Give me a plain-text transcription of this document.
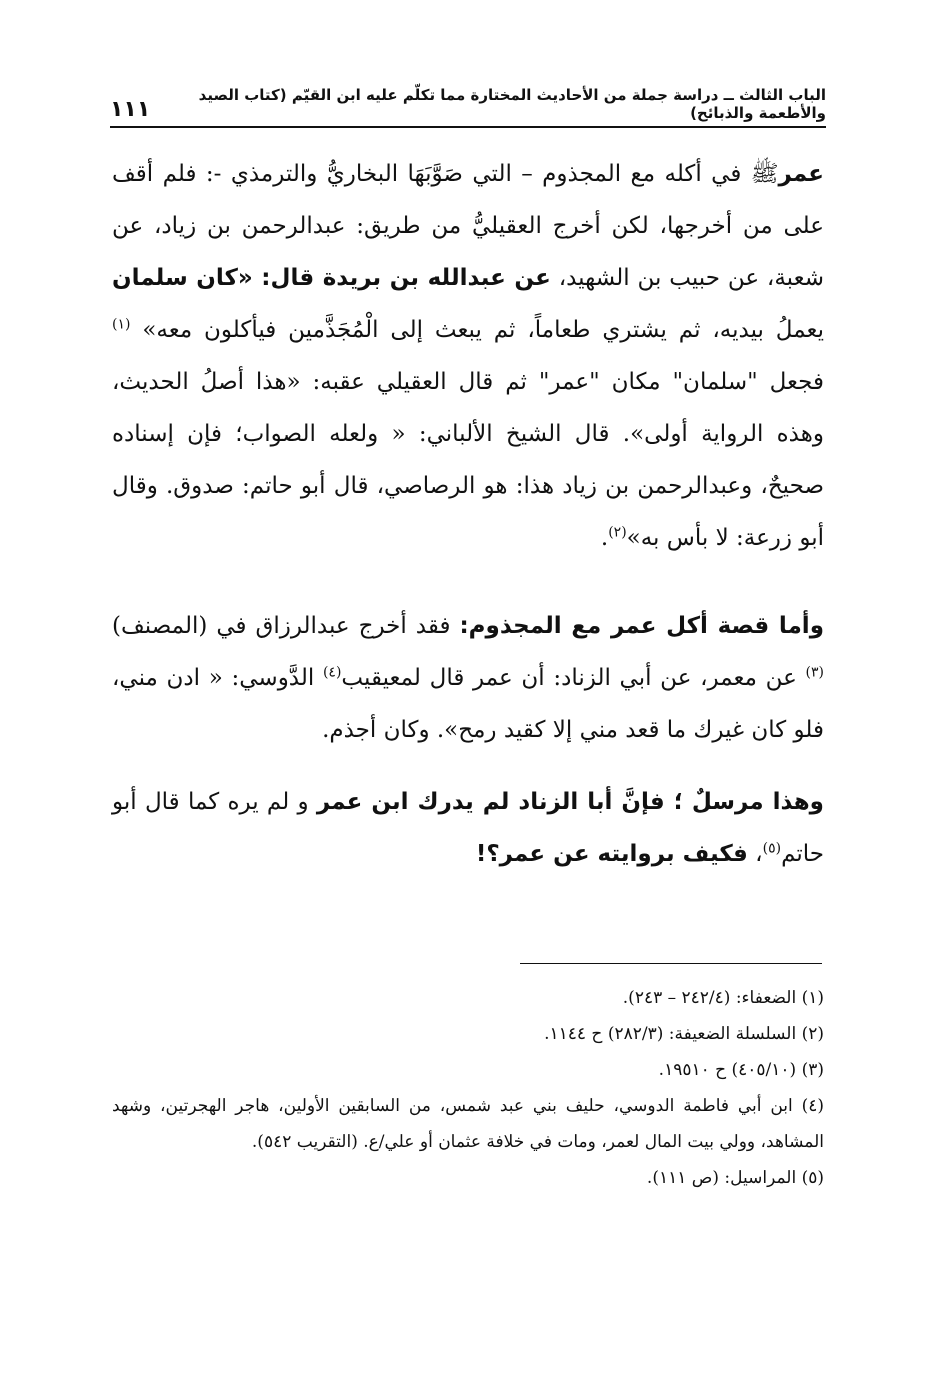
الباب الثالث ــ دراسة جملة من الأحاديث المختارة مما تكلّم عليه ابن القيّم (كتاب الصيد والأطعمة والذبائح)
١١١

عمرﷺ في أكله مع المجذوم – التي صَوَّبَهَا البخاريُّ والترمذي -: فلم أقف على من أخرجها، لكن أخرج العقيليُّ من طريق: عبدالرحمن بن زياد، عن شعبة، عن حبيب بن الشهيد، عن عبدالله بن بريدة قال: «كان سلمان يعملُ بيديه، ثم يشتري طعاماً، ثم يبعث إلى الْمُجَذَّمين فيأكلون معه» $^{(١)}$ فجعل "سلمان" مكان "عمر" ثم قال العقيلي عقبه: «هذا أصلُ الحديث، وهذه الرواية أولى». قال الشيخ الألباني: « ولعله الصواب؛ فإن إسناده صحيحٌ، وعبدالرحمن بن زياد هذا: هو الرصاصي، قال أبو حاتم: صدوق. وقال أبو زرعة: لا بأس به»$^{(٢)}$.

وأما قصة أكل عمر مع المجذوم: فقد أخرج عبدالرزاق في (المصنف)$^{(٣)}$ عن معمر، عن أبي الزناد: أن عمر قال لمعيقيب$^{(٤)}$ الدَّوسي: « ادن مني، فلو كان غيرك ما قعد مني إلا كقيد رمح». وكان أجذم.

وهذا مرسلٌ ؛ فإنَّ أبا الزناد لم يدرك ابن عمر و لم يره كما قال أبو حاتم$^{(٥)}$، فكيف بروايته عن عمر؟!

(١) الضعفاء: (٢٤٢/٤ – ٢٤٣).
(٢) السلسلة الضعيفة: (٢٨٢/٣) ح ١١٤٤.
(٣) (٤٠٥/١٠) ح ١٩٥١٠.
(٤) ابن أبي فاطمة الدوسي، حليف بني عبد شمس، من السابقين الأولين، هاجر الهجرتين، وشهد المشاهد، وولي بيت المال لعمر، ومات في خلافة عثمان أو علي/ع. (التقريب ٥٤٢).
(٥) المراسيل: (ص ١١١).
